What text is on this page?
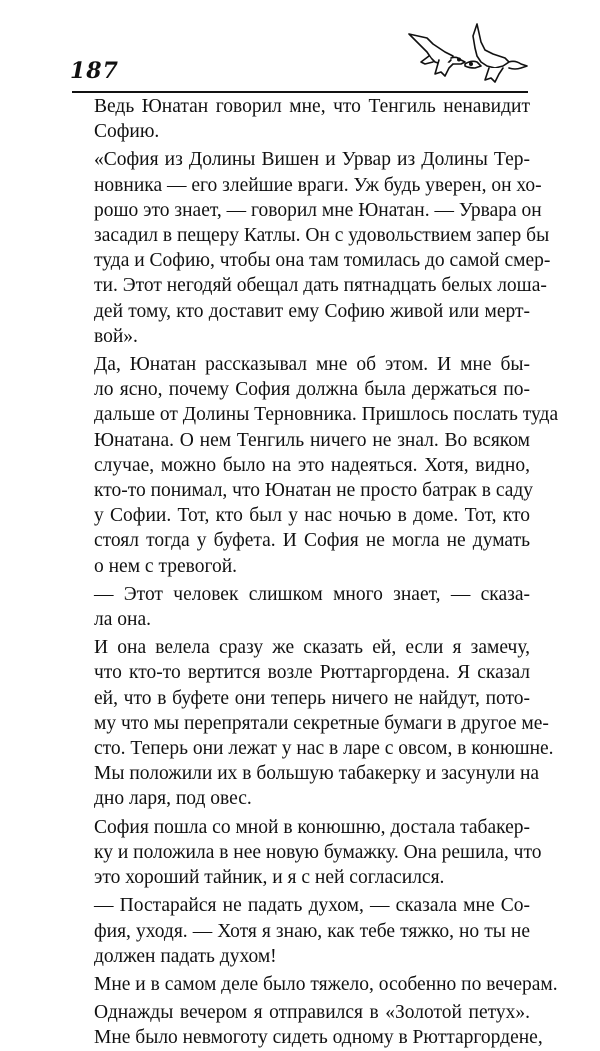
187

Ведь Юнатан говорил мне, что Тенгиль ненавидит
Софию.

«София из Долины Вишен и Урвар из Долины Тер-
новника — его злейшие враги. Уж будь уверен, он хо-
рошо это знает, — говорил мне Юнатан. — Урвара он
засадил в пещеру Катлы. Он с удовольствием запер бы
туда и Софию, чтобы она там томилась до самой смер-
ти. Этот негодяй обещал дать пятнадцать белых лоша-
дей тому, кто доставит ему Софию живой или мерт-
вой».

Да, Юнатан рассказывал мне об этом. И мне бы-
ло ясно, почему София должна была держаться по-
дальше от Долины Терновника. Пришлось послать туда
Юнатана. О нем Тенгиль ничего не знал. Во всяком
случае, можно было на это надеяться. Хотя, видно,
кто-то понимал, что Юнатан не просто батрак в саду
у Софии. Тот, кто был у нас ночью в доме. Тот, кто
стоял тогда у буфета. И София не могла не думать
о нем с тревогой.

— Этот человек слишком много знает, — сказа-
ла она.

И она велела сразу же сказать ей, если я замечу,
что кто-то вертится возле Рюттаргордена. Я сказал
ей, что в буфете они теперь ничего не найдут, пото-
му что мы перепрятали секретные бумаги в другое ме-
сто. Теперь они лежат у нас в ларе с овсом, в конюшне.
Мы положили их в большую табакерку и засунули на
дно ларя, под овес.

София пошла со мной в конюшню, достала табакер-
ку и положила в нее новую бумажку. Она решила, что
это хороший тайник, и я с ней согласился.

— Постарайся не падать духом, — сказала мне Со-
фия, уходя. — Хотя я знаю, как тебе тяжко, но ты не
должен падать духом!

Мне и в самом деле было тяжело, особенно по вечерам.

Однажды вечером я отправился в «Золотой петух».
Мне было невмоготу сидеть одному в Рюттаргордене,
